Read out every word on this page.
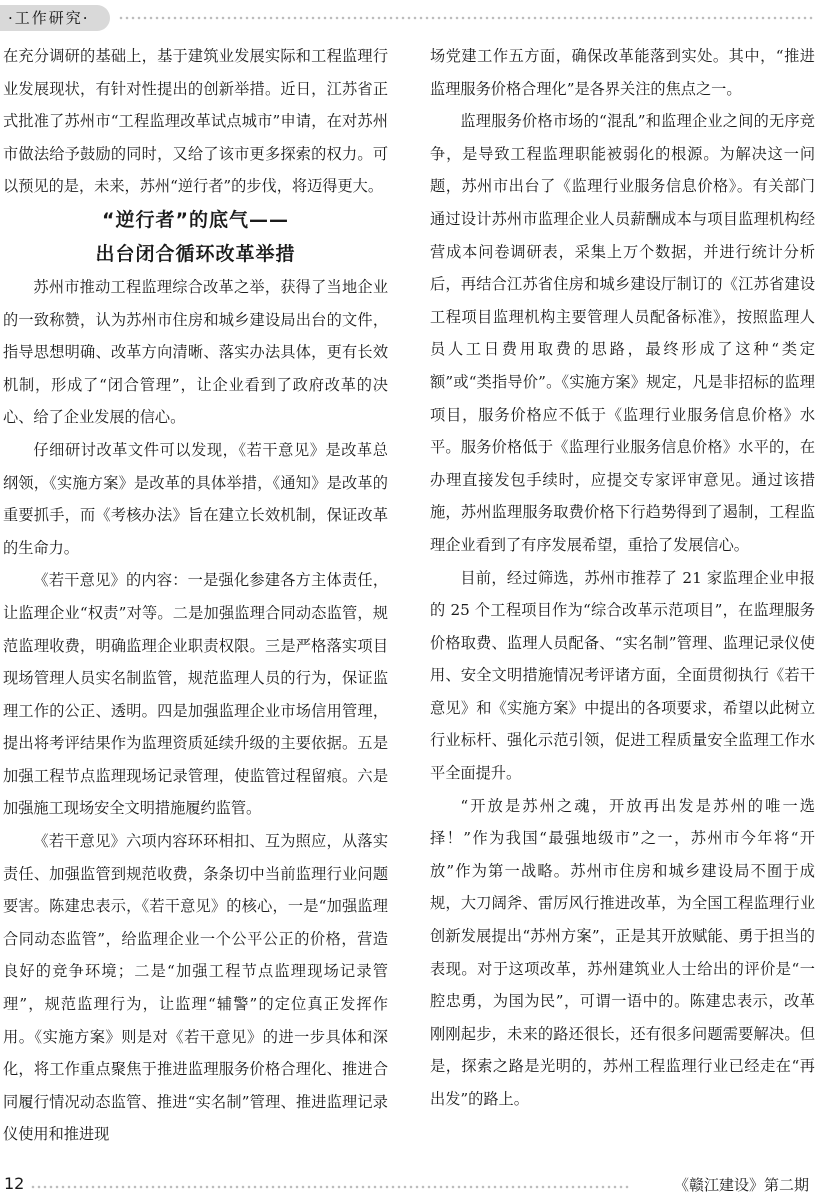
·工作研究·

在充分调研的基础上，基于建筑业发展实际和工程监理行业发展现状，有针对性提出的创新举措。近日，江苏省正式批准了苏州市“工程监理改革试点城市”申请，在对苏州市做法给予鼓励的同时，又给了该市更多探索的权力。可以预见的是，未来，苏州“逆行者”的步伐，将迈得更大。

“逆行者”的底气——
出台闭合循环改革举措

苏州市推动工程监理综合改革之举，获得了当地企业的一致称赞，认为苏州市住房和城乡建设局出台的文件，指导思想明确、改革方向清晰、落实办法具体，更有长效机制，形成了“闭合管理”，让企业看到了政府改革的决心、给了企业发展的信心。

仔细研讨改革文件可以发现，《若干意见》是改革总纲领，《实施方案》是改革的具体举措，《通知》是改革的重要抓手，而《考核办法》旨在建立长效机制，保证改革的生命力。

《若干意见》的内容：一是强化参建各方主体责任，让监理企业“权责”对等。二是加强监理合同动态监管，规范监理收费，明确监理企业职责权限。三是严格落实项目现场管理人员实名制监管，规范监理人员的行为，保证监理工作的公正、透明。四是加强监理企业市场信用管理，提出将考评结果作为监理资质延续升级的主要依据。五是加强工程节点监理现场记录管理，使监管过程留痕。六是加强施工现场安全文明措施履约监管。

《若干意见》六项内容环环相扣、互为照应，从落实责任、加强监管到规范收费，条条切中当前监理行业问题要害。陈建忠表示，《若干意见》的核心，一是“加强监理合同动态监管”，给监理企业一个公平公正的价格，营造良好的竞争环境；二是“加强工程节点监理现场记录管理”，规范监理行为，让监理“辅警”的定位真正发挥作用。《实施方案》则是对《若干意见》的进一步具体和深化，将工作重点聚焦于推进监理服务价格合理化、推进合同履行情况动态监管、推进“实名制”管理、推进监理记录仪使用和推进现

场党建工作五方面，确保改革能落到实处。其中，“推进监理服务价格合理化”是各界关注的焦点之一。

监理服务价格市场的“混乱”和监理企业之间的无序竞争，是导致工程监理职能被弱化的根源。为解决这一问题，苏州市出台了《监理行业服务信息价格》。有关部门通过设计苏州市监理企业人员薪酬成本与项目监理机构经营成本问卷调研表，采集上万个数据，并进行统计分析后，再结合江苏省住房和城乡建设厅制订的《江苏省建设工程项目监理机构主要管理人员配备标准》，按照监理人员人工日费用取费的思路，最终形成了这种“类定额”或“类指导价”。《实施方案》规定，凡是非招标的监理项目，服务价格应不低于《监理行业服务信息价格》水平。服务价格低于《监理行业服务信息价格》水平的，在办理直接发包手续时，应提交专家评审意见。通过该措施，苏州监理服务取费价格下行趋势得到了遏制，工程监理企业看到了有序发展希望，重拾了发展信心。

目前，经过筛选，苏州市推荐了 21 家监理企业申报的 25 个工程项目作为“综合改革示范项目”，在监理服务价格取费、监理人员配备、“实名制”管理、监理记录仪使用、安全文明措施情况考评诸方面，全面贯彻执行《若干意见》和《实施方案》中提出的各项要求，希望以此树立行业标杆、强化示范引领，促进工程质量安全监理工作水平全面提升。

“开放是苏州之魂，开放再出发是苏州的唯一选择！”作为我国“最强地级市”之一，苏州市今年将“开放”作为第一战略。苏州市住房和城乡建设局不囿于成规，大刀阔斧、雷厉风行推进改革，为全国工程监理行业创新发展提出“苏州方案”，正是其开放赋能、勇于担当的表现。对于这项改革，苏州建筑业人士给出的评价是“一腔忠勇，为国为民”，可谓一语中的。陈建忠表示，改革刚刚起步，未来的路还很长，还有很多问题需要解决。但是，探索之路是光明的，苏州工程监理行业已经走在“再出发”的路上。

12	《赣江建设》第二期
